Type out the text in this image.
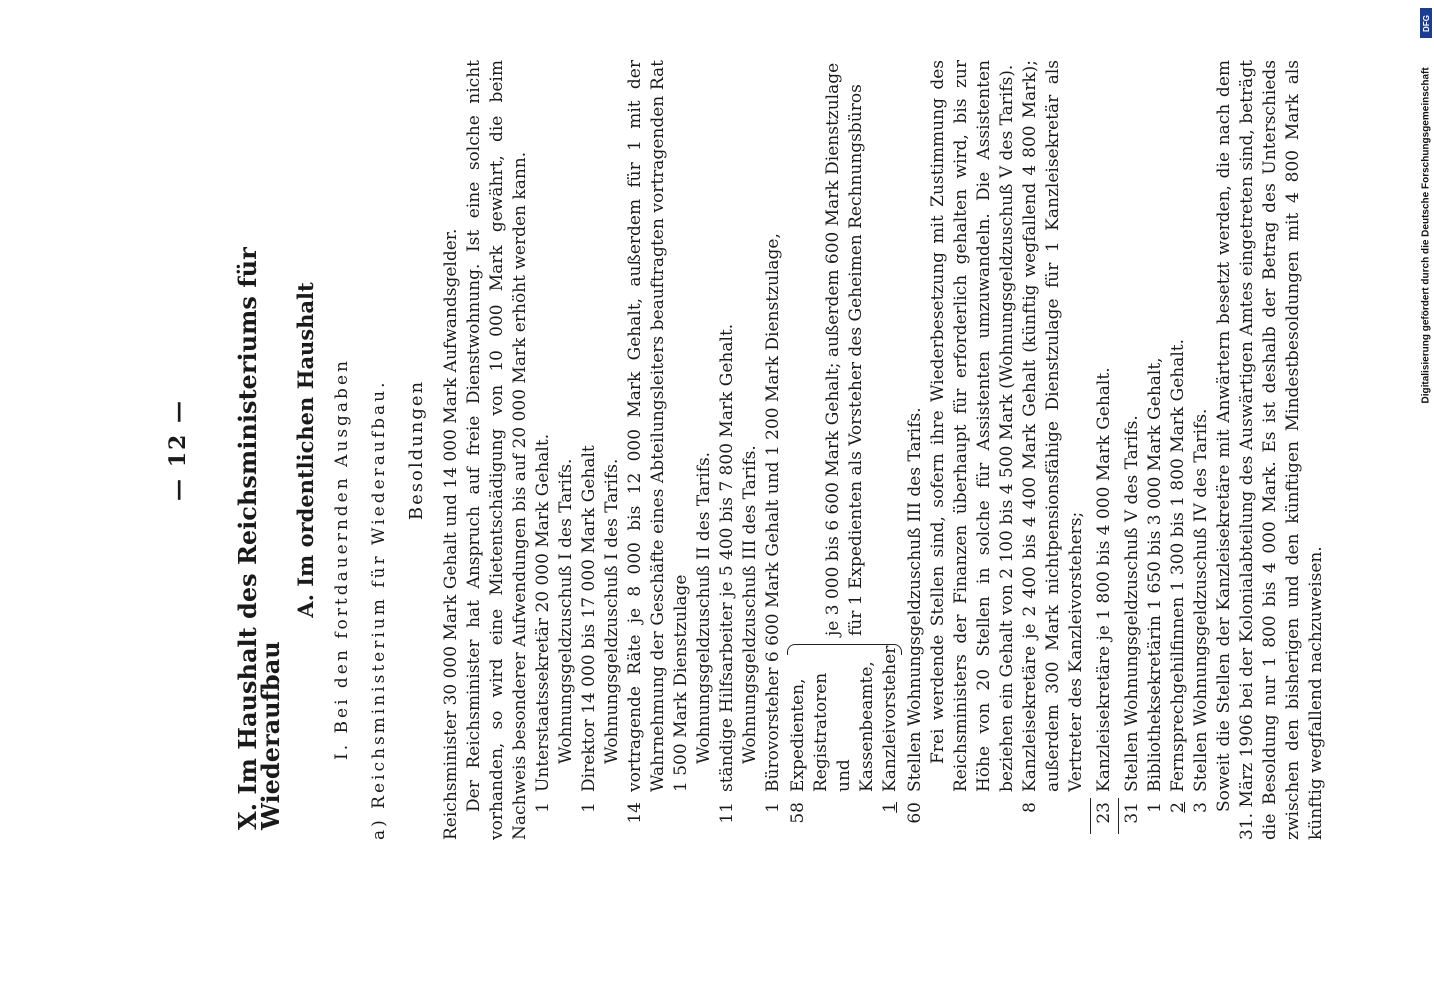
— 12 — X. Im Haushalt des Reichsministeriums für Wiederaufbau
A. Im ordentlichen Haushalt I. Bei den fortdauernden Ausgaben a) Reichsministerium für Wiederaufbau. Besoldungen Reichsminister 30 000 Mark Gehalt und 14 000 Mark Aufwandsgelder. Der Reichsminister hat Anspruch auf freie Dienstwohnung. Ist eine solche nicht vorhanden, so wird eine Mietentschädigung von 10 000 Mark gewährt, die beim Nachweis besonderer Aufwendungen bis auf 20 000 Mark erhöht werden kann. 1
Unterstaatssekretär 20 000 Mark Gehalt. Wohnungsgeldzuschuß I des Tarifs.
1
Direktor 14 000 bis 17 000 Mark Gehalt Wohnungsgeldzuschuß I des Tarifs.
14
vortragende Räte je 8 000 bis 12 000 Mark Gehalt, außerdem für 1 mit der Wahrnehmung der Geschäfte eines Abteilungsleiters beauftragten vortragenden Rat 1 500 Mark Dienstzulage Wohnungsgeldzuschuß II des Tarifs.
11
ständige Hilfsarbeiter je 5 400 bis 7 800 Mark Gehalt. Wohnungsgeldzuschuß III des Tarifs.
1
Bürovorsteher 6 600 Mark Gehalt und 1 200 Mark Dienstzulage,
58
Expedienten, Registratoren und Kassenbeamte,
1
Kanzleivorsteher
je 3 000 bis 6 600 Mark Gehalt; außerdem 600 Mark Dienstzulage für 1 Expedienten als Vorsteher des Geheimen Rechnungsbüros
60
Stellen Wohnungsgeldzuschuß III des Tarifs. Frei werdende Stellen sind, sofern ihre Wiederbesetzung mit Zustimmung des Reichsministers der Finanzen überhaupt für erforderlich gehalten wird, bis zur Höhe von 20 Stellen in solche für Assistenten umzuwandeln. Die Assistenten beziehen ein Gehalt von 2 100 bis 4 500 Mark (Wohnungsgeldzuschuß V des Tarifs).
8
Kanzleisekretäre je 2 400 bis 4 400 Mark Gehalt (künftig wegfallend 4 800 Mark); außerdem 300 Mark nichtpensionsfähige Dienstzulage für 1 Kanzleisekretär als Vertreter des Kanzleivorstehers;
23
Kanzleisekretäre je 1 800 bis 4 000 Mark Gehalt.
31
Stellen Wohnungsgeldzuschuß V des Tarifs.
1
Bibliotheksekretärin 1 650 bis 3 000 Mark Gehalt,
2
Fernsprechgehilfinnen 1 300 bis 1 800 Mark Gehalt.
3
Stellen Wohnungsgeldzuschuß IV des Tarifs. Soweit die Stellen der Kanzleisekretäre mit Anwärtern besetzt werden, die nach dem 31. März 1906 bei der Kolonialabteilung des Auswärtigen Amtes eingetreten sind, beträgt die Besoldung nur 1 800 bis 4 000 Mark. Es ist deshalb der Betrag des Unterschieds zwischen den bisherigen und den künftigen Mindestbesoldungen mit 4 800 Mark als künftig wegfallend nachzuweisen.

Digitalisierung gefördert durch die Deutsche Forschungsgemeinschaft
DFG
